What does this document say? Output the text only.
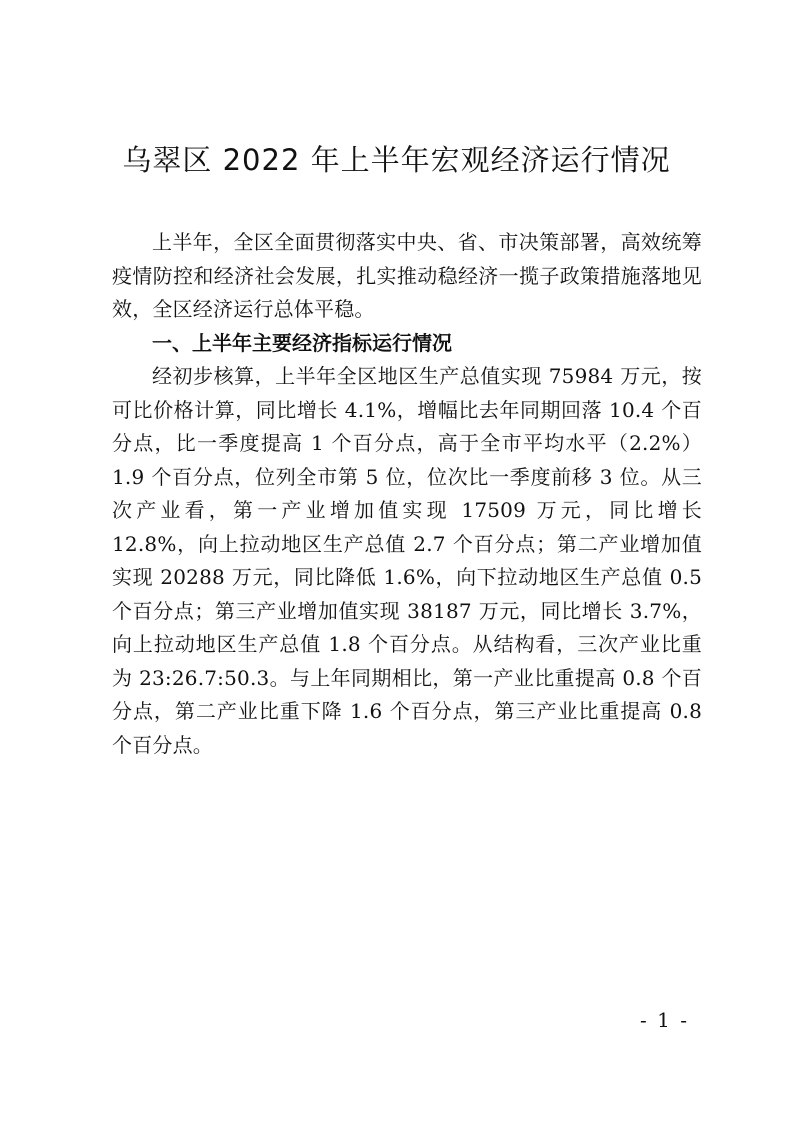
乌翠区 2022 年上半年宏观经济运行情况

上半年，全区全面贯彻落实中央、省、市决策部署，高效统筹疫情防控和经济社会发展，扎实推动稳经济一揽子政策措施落地见效，全区经济运行总体平稳。

一、上半年主要经济指标运行情况

经初步核算，上半年全区地区生产总值实现 75984 万元，按可比价格计算，同比增长 4.1%，增幅比去年同期回落 10.4 个百分点，比一季度提高 1 个百分点，高于全市平均水平（2.2%）1.9 个百分点，位列全市第 5 位，位次比一季度前移 3 位。从三次产业看，第一产业增加值实现 17509 万元，同比增长 12.8%，向上拉动地区生产总值 2.7 个百分点；第二产业增加值实现 20288 万元，同比降低 1.6%，向下拉动地区生产总值 0.5 个百分点；第三产业增加值实现 38187 万元，同比增长 3.7%，向上拉动地区生产总值 1.8 个百分点。从结构看，三次产业比重为 23:26.7:50.3。与上年同期相比，第一产业比重提高 0.8 个百分点，第二产业比重下降 1.6 个百分点，第三产业比重提高 0.8 个百分点。

- 1 -
